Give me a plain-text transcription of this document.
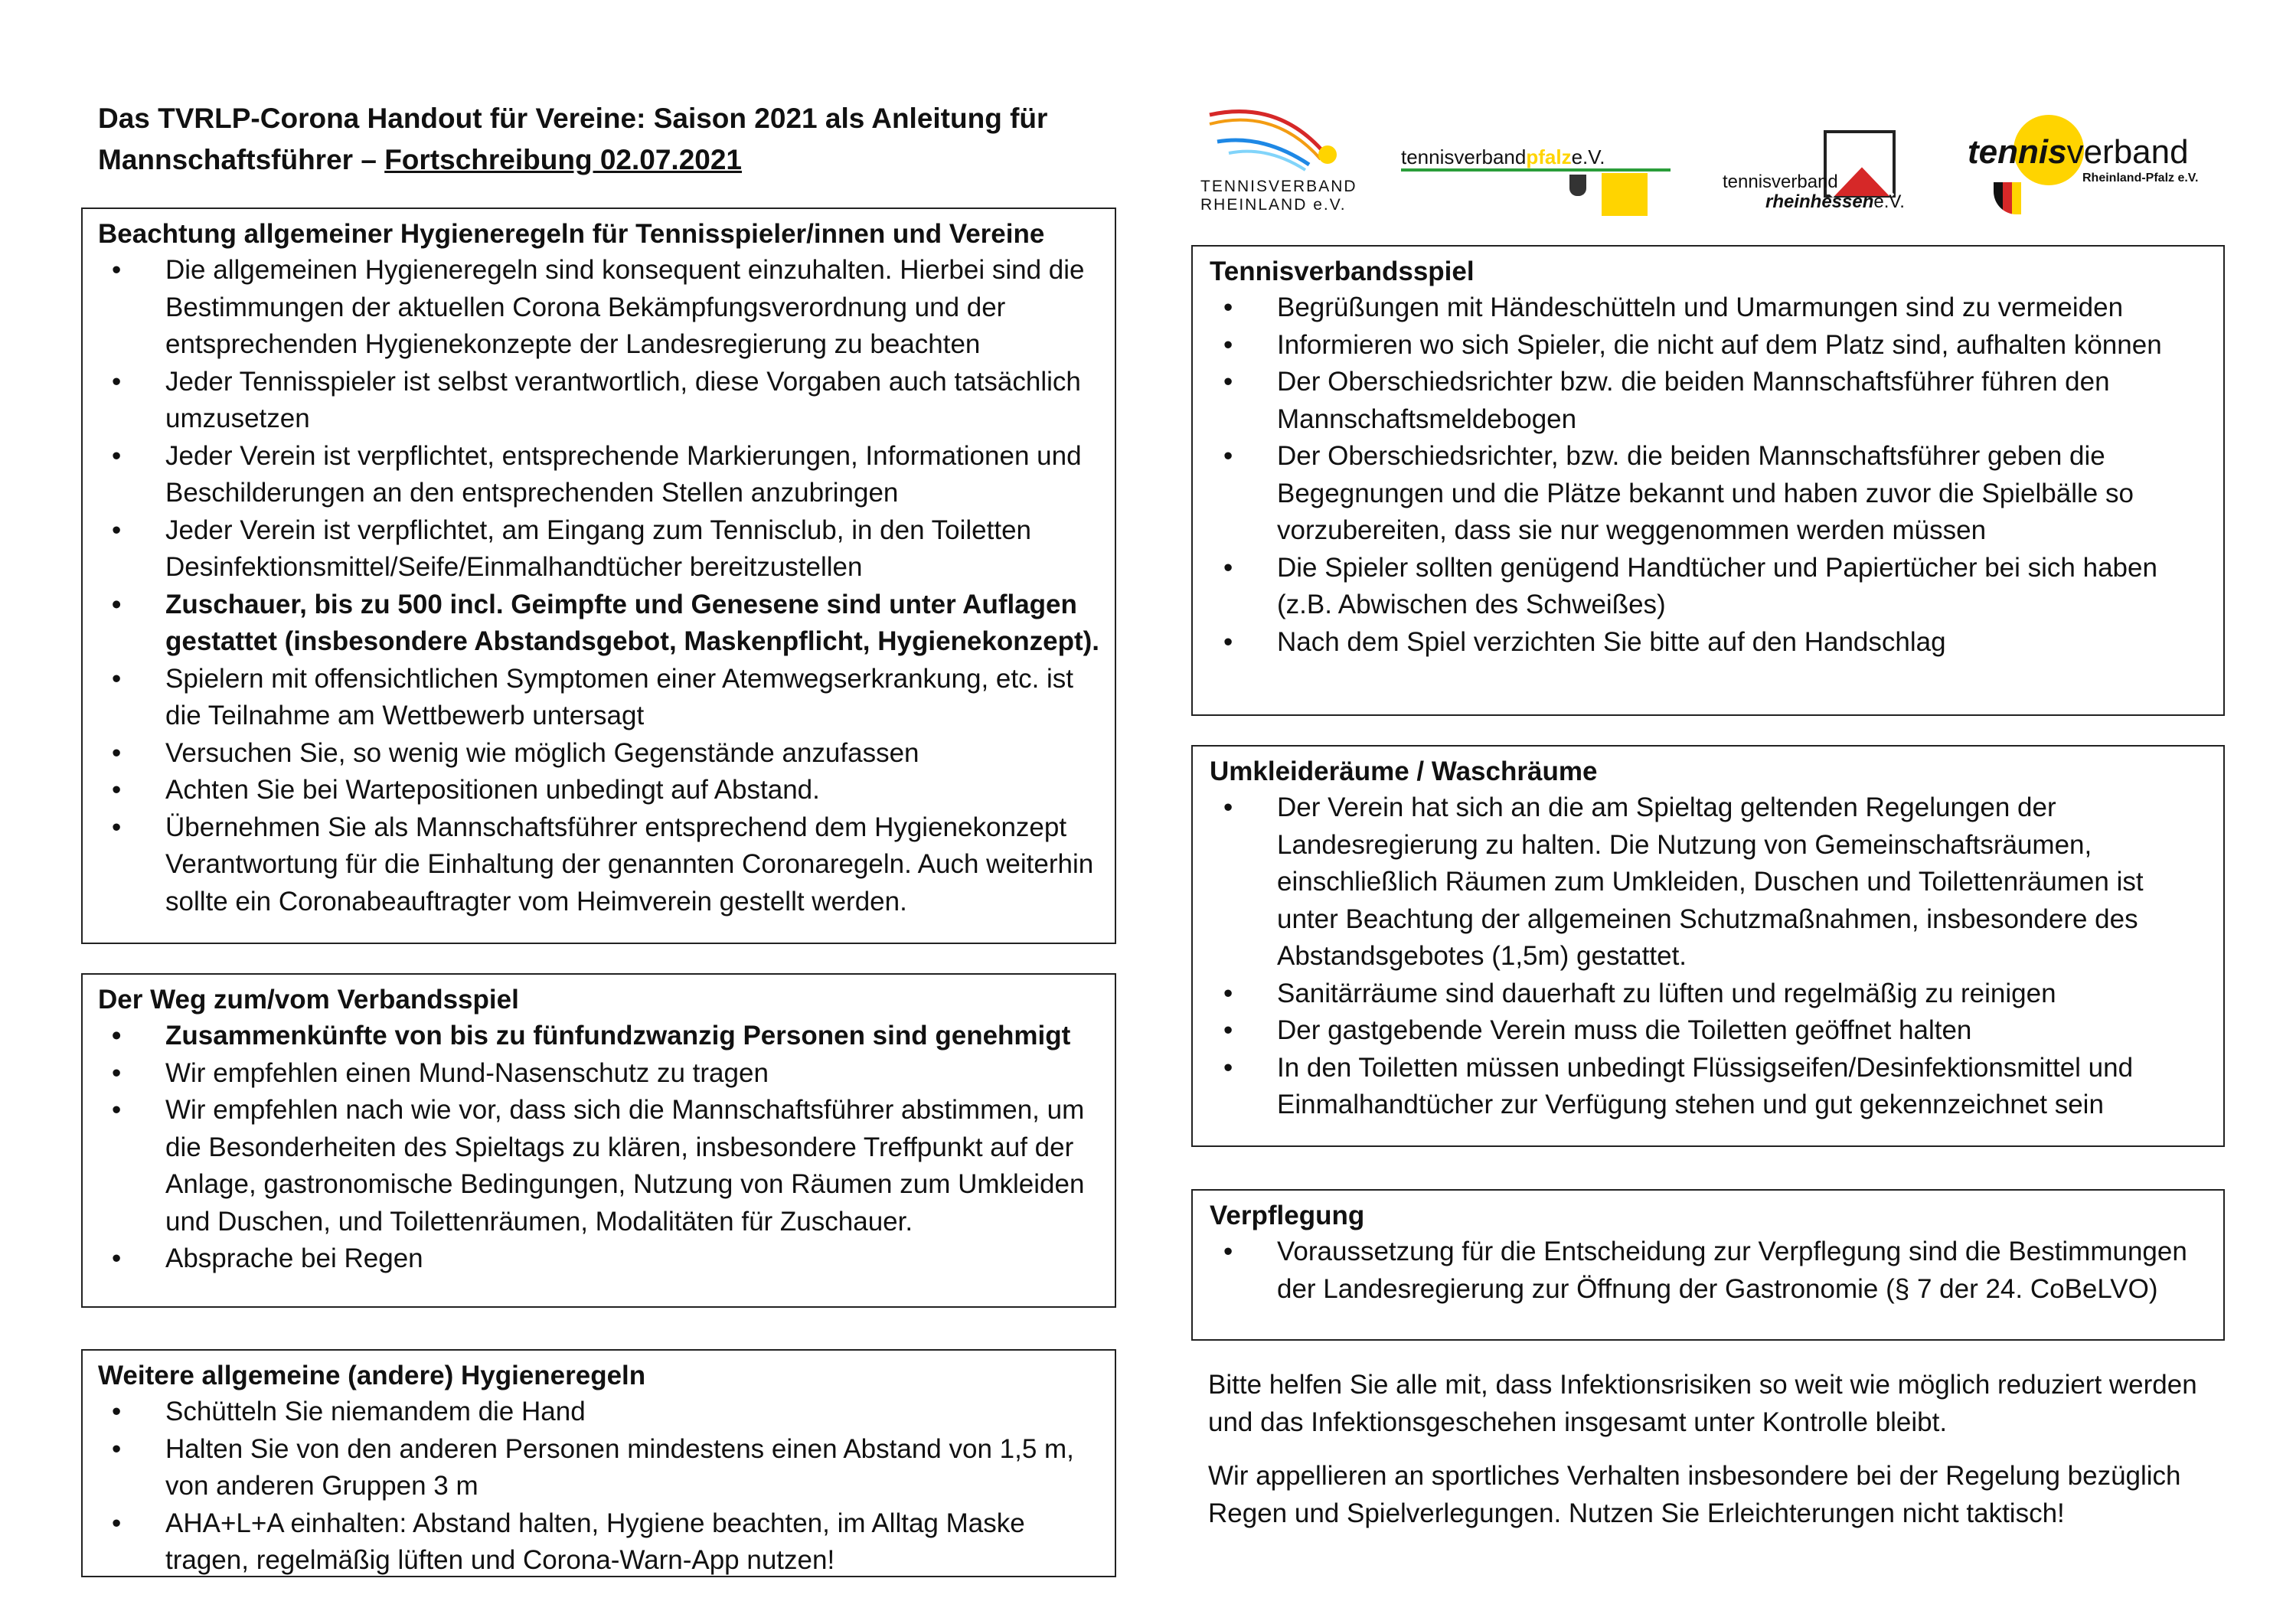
Das TVRLP-Corona Handout für Vereine: Saison 2021 als Anleitung für
Mannschaftsführer – Fortschreibung 02.07.2021
TENNISVERBAND
RHEINLAND e.V.
tennisverbandpfalze.V.
tennisverband
rheinhessene.V.
tennisverband
Rheinland-Pfalz e.V.
Beachtung allgemeiner Hygieneregeln für Tennisspieler/innen und Vereine
• Die allgemeinen Hygieneregeln sind konsequent einzuhalten. Hierbei sind die Bestimmungen der aktuellen Corona Bekämpfungsverordnung und der entsprechenden Hygienekonzepte der Landesregierung zu beachten
• Jeder Tennisspieler ist selbst verantwortlich, diese Vorgaben auch tatsächlich umzusetzen
• Jeder Verein ist verpflichtet, entsprechende Markierungen, Informationen und Beschilderungen an den entsprechenden Stellen anzubringen
• Jeder Verein ist verpflichtet, am Eingang zum Tennisclub, in den Toiletten Desinfektionsmittel/Seife/Einmalhandtücher bereitzustellen
• Zuschauer, bis zu 500 incl. Geimpfte und Genesene sind unter Auflagen gestattet (insbesondere Abstandsgebot, Maskenpflicht, Hygienekonzept).
• Spielern mit offensichtlichen Symptomen einer Atemwegserkrankung, etc. ist die Teilnahme am Wettbewerb untersagt
• Versuchen Sie, so wenig wie möglich Gegenstände anzufassen
• Achten Sie bei Wartepositionen unbedingt auf Abstand.
• Übernehmen Sie als Mannschaftsführer entsprechend dem Hygienekonzept Verantwortung für die Einhaltung der genannten Coronaregeln. Auch weiterhin sollte ein Coronabeauftragter vom Heimverein gestellt werden.
Der Weg zum/vom Verbandsspiel
• Zusammenkünfte von bis zu fünfundzwanzig Personen sind genehmigt
• Wir empfehlen einen Mund-Nasenschutz zu tragen
• Wir empfehlen nach wie vor, dass sich die Mannschaftsführer abstimmen, um die Besonderheiten des Spieltags zu klären, insbesondere Treffpunkt auf der Anlage, gastronomische Bedingungen, Nutzung von Räumen zum Umkleiden und Duschen, und Toilettenräumen, Modalitäten für Zuschauer.
• Absprache bei Regen
Weitere allgemeine (andere) Hygieneregeln
• Schütteln Sie niemandem die Hand
• Halten Sie von den anderen Personen mindestens einen Abstand von 1,5 m, von anderen Gruppen 3 m
• AHA+L+A einhalten: Abstand halten, Hygiene beachten, im Alltag Maske tragen, regelmäßig lüften und Corona-Warn-App nutzen!
Tennisverbandsspiel
• Begrüßungen mit Händeschütteln und Umarmungen sind zu vermeiden
• Informieren wo sich Spieler, die nicht auf dem Platz sind, aufhalten können
• Der Oberschiedsrichter bzw. die beiden Mannschaftsführer führen den Mannschaftsmeldebogen
• Der Oberschiedsrichter, bzw. die beiden Mannschaftsführer geben die Begegnungen und die Plätze bekannt und haben zuvor die Spielbälle so vorzubereiten, dass sie nur weggenommen werden müssen
• Die Spieler sollten genügend Handtücher und Papiertücher bei sich haben (z.B. Abwischen des Schweißes)
• Nach dem Spiel verzichten Sie bitte auf den Handschlag
Umkleideräume / Waschräume
• Der Verein hat sich an die am Spieltag geltenden Regelungen der Landesregierung zu halten. Die Nutzung von Gemeinschaftsräumen, einschließlich Räumen zum Umkleiden, Duschen und Toilettenräumen ist unter Beachtung der allgemeinen Schutzmaßnahmen, insbesondere des Abstandsgebotes (1,5m) gestattet.
• Sanitärräume sind dauerhaft zu lüften und regelmäßig zu reinigen
• Der gastgebende Verein muss die Toiletten geöffnet halten
• In den Toiletten müssen unbedingt Flüssigseifen/Desinfektionsmittel und Einmalhandtücher zur Verfügung stehen und gut gekennzeichnet sein
Verpflegung
• Voraussetzung für die Entscheidung zur Verpflegung sind die Bestimmungen der Landesregierung zur Öffnung der Gastronomie (§ 7 der 24. CoBeLVO)

Bitte helfen Sie alle mit, dass Infektionsrisiken so weit wie möglich reduziert werden und das Infektionsgeschehen insgesamt unter Kontrolle bleibt.

Wir appellieren an sportliches Verhalten insbesondere bei der Regelung bezüglich Regen und Spielverlegungen. Nutzen Sie Erleichterungen nicht taktisch!
